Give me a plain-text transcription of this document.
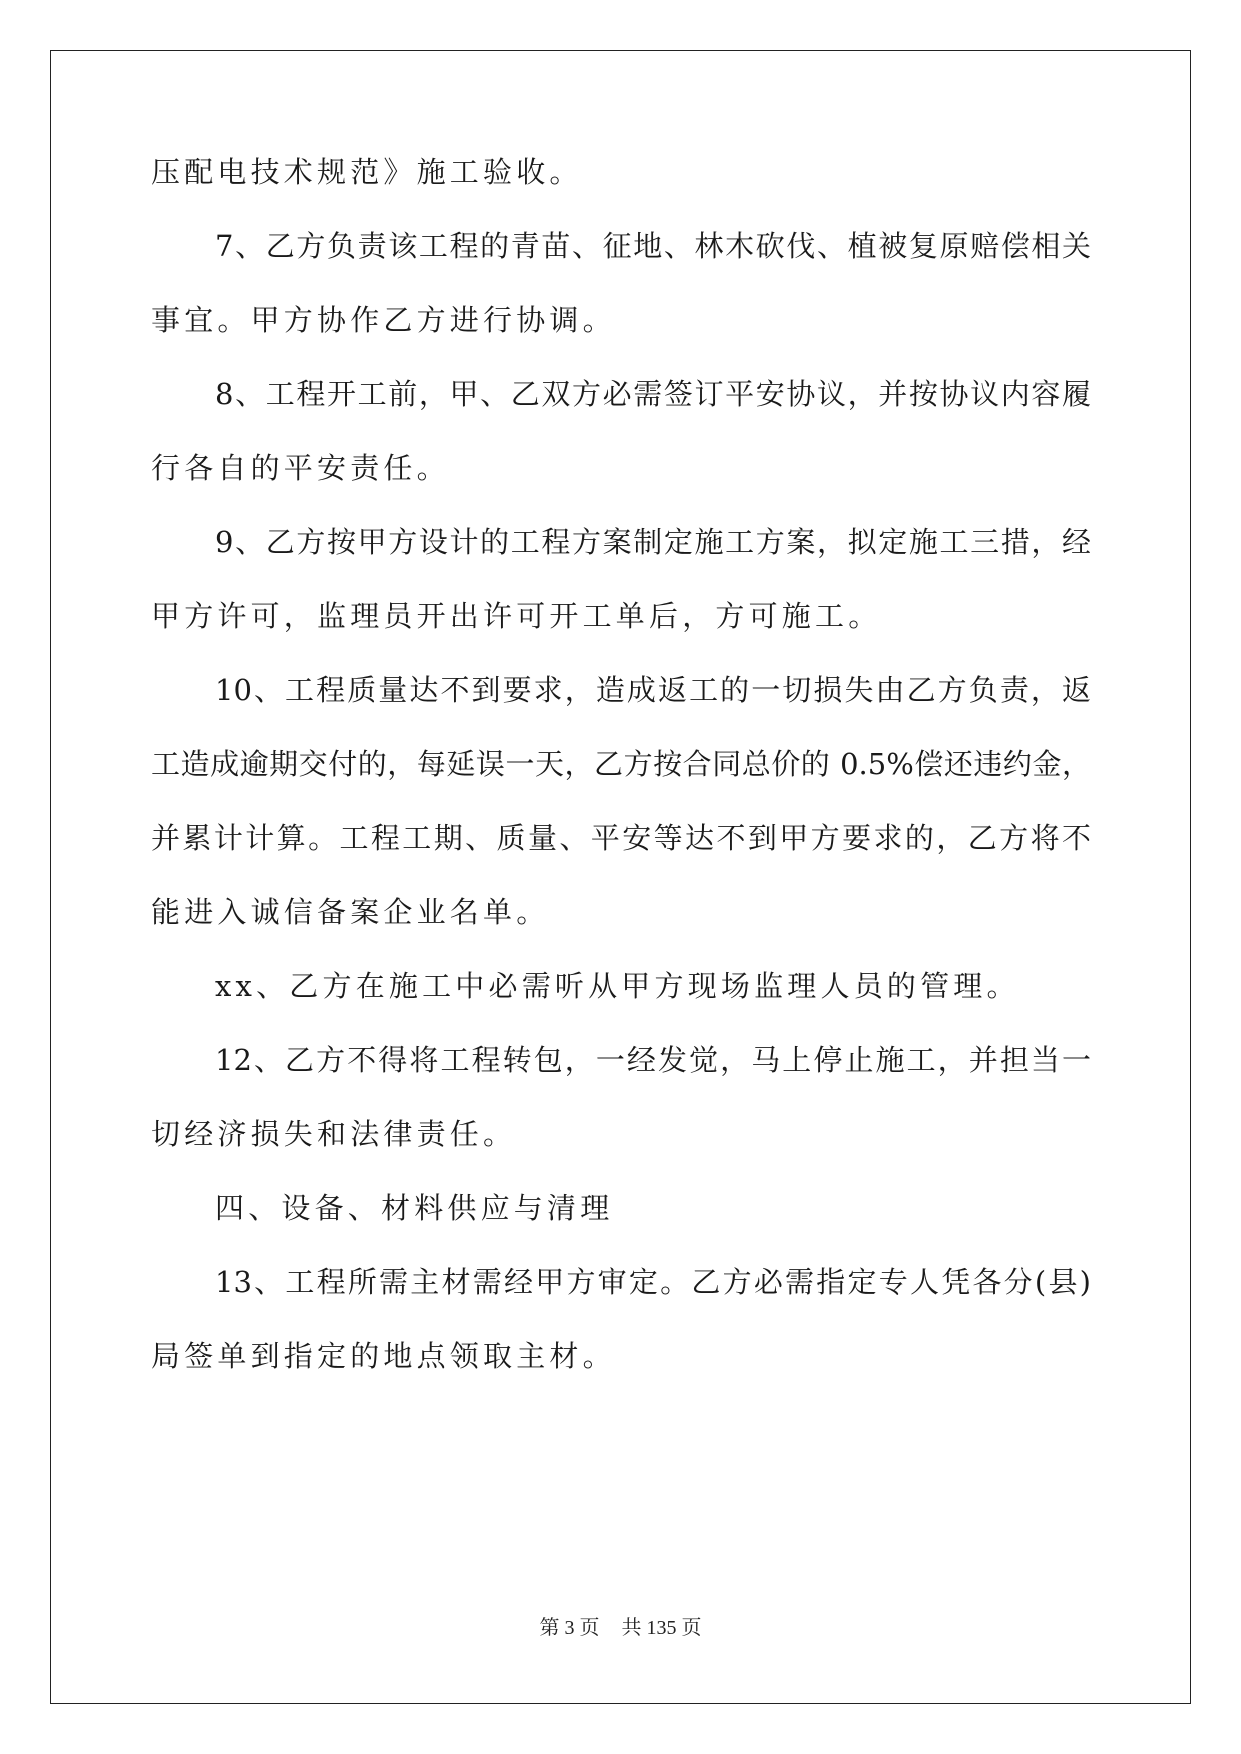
压配电技术规范》施工验收。
7、乙方负责该工程的青苗、征地、林木砍伐、植被复原赔偿相关
事宜。甲方协作乙方进行协调。
8、工程开工前，甲、乙双方必需签订平安协议，并按协议内容履
行各自的平安责任。
9、乙方按甲方设计的工程方案制定施工方案，拟定施工三措，经
甲方许可，监理员开出许可开工单后，方可施工。
10、工程质量达不到要求，造成返工的一切损失由乙方负责，返
工造成逾期交付的，每延误一天，乙方按合同总价的 0.5%偿还违约金，
并累计计算。工程工期、质量、平安等达不到甲方要求的，乙方将不
能进入诚信备案企业名单。
xx、乙方在施工中必需听从甲方现场监理人员的管理。
12、乙方不得将工程转包，一经发觉，马上停止施工，并担当一
切经济损失和法律责任。
四、设备、材料供应与清理
13、工程所需主材需经甲方审定。乙方必需指定专人凭各分(县)
局签单到指定的地点领取主材。
第 3 页 共 135 页
